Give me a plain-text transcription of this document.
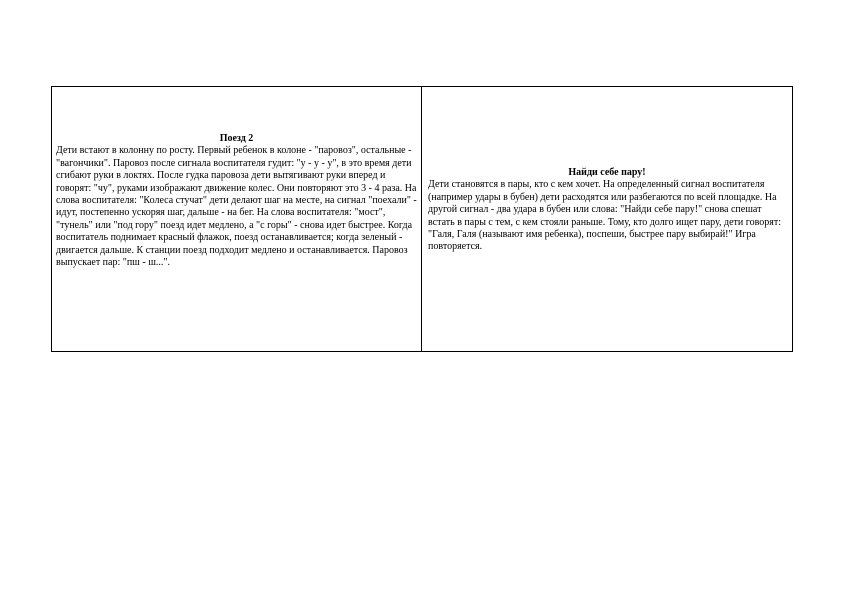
Поезд 2
Дети встают в колонну по росту. Первый ребенок в колоне - "паровоз", остальные - "вагончики". Паровоз после сигнала воспитателя гудит: "у - у - у", в это время дети сгибают руки в локтях. После гудка паровоза дети вытягивают руки вперед и говорят: "чу", руками изображают движение колес. Они повторяют это 3 - 4 раза. На слова воспитателя: "Колеса стучат" дети делают шаг на месте, на сигнал "поехали" - идут, постепенно ускоряя шаг, дальше - на бег. На слова воспитателя: "мост", "тунель" или "под гору" поезд идет медлено, а "с горы" - снова идет быстрее. Когда воспитатель поднимает красный флажок, поезд останавливается; когда зеленый - двигается дальше. К станции поезд подходит медлено и останавливается. Паровоз выпускает пар: "пш - ш...".

Найди себе пару!
Дети становятся в пары, кто с кем хочет. На определенный сигнал воспитателя (например удары в бубен) дети расходятся или разбегаются по всей площадке. На другой сигнал - два удара в бубен или слова: "Найди себе пару!" снова спешат встать в пары с тем, с кем стояли раньше. Тому, кто долго ищет пару, дети говорят: "Галя, Галя (называют имя ребенка), поспеши, быстрее пару выбирай!" Игра повторяется.
